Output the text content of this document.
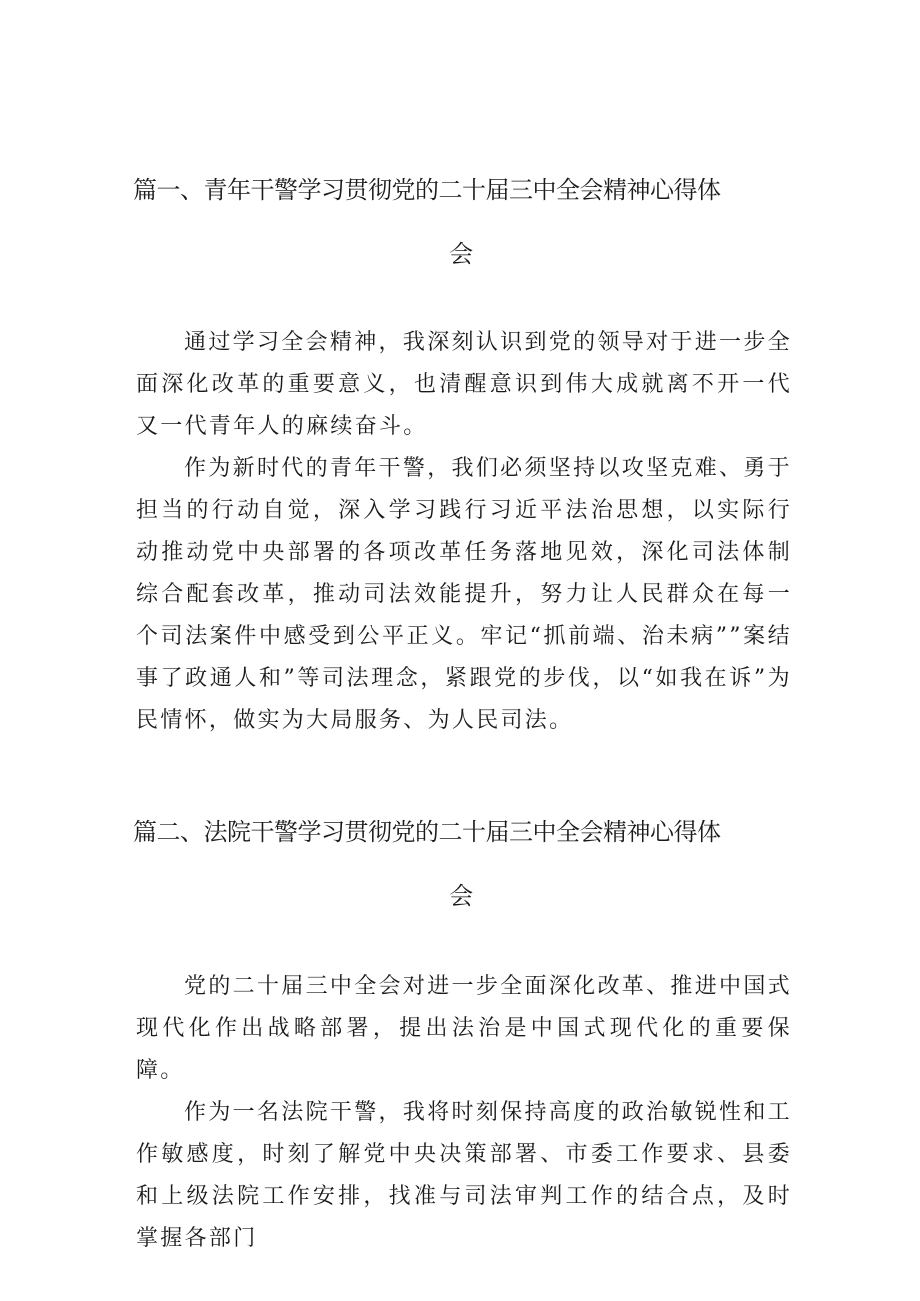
篇一、青年干警学习贯彻党的二十届三中全会精神心得体
会

通过学习全会精神，我深刻认识到党的领导对于进一步全面深化改革的重要意义，也清醒意识到伟大成就离不开一代又一代青年人的麻续奋斗。

作为新时代的青年干警，我们必须坚持以攻坚克难、勇于担当的行动自觉，深入学习践行习近平法治思想，以实际行动推动党中央部署的各项改革任务落地见效，深化司法体制综合配套改革，推动司法效能提升，努力让人民群众在每一个司法案件中感受到公平正义。牢记“抓前端、治未病””案结事了政通人和”等司法理念，紧跟党的步伐，以“如我在诉”为民情怀，做实为大局服务、为人民司法。

篇二、法院干警学习贯彻党的二十届三中全会精神心得体
会

党的二十届三中全会对进一步全面深化改革、推进中国式现代化作出战略部署，提出法治是中国式现代化的重要保障。

作为一名法院干警，我将时刻保持高度的政治敏锐性和工作敏感度，时刻了解党中央决策部署、市委工作要求、县委和上级法院工作安排，找准与司法审判工作的结合点，及时掌握各部门
